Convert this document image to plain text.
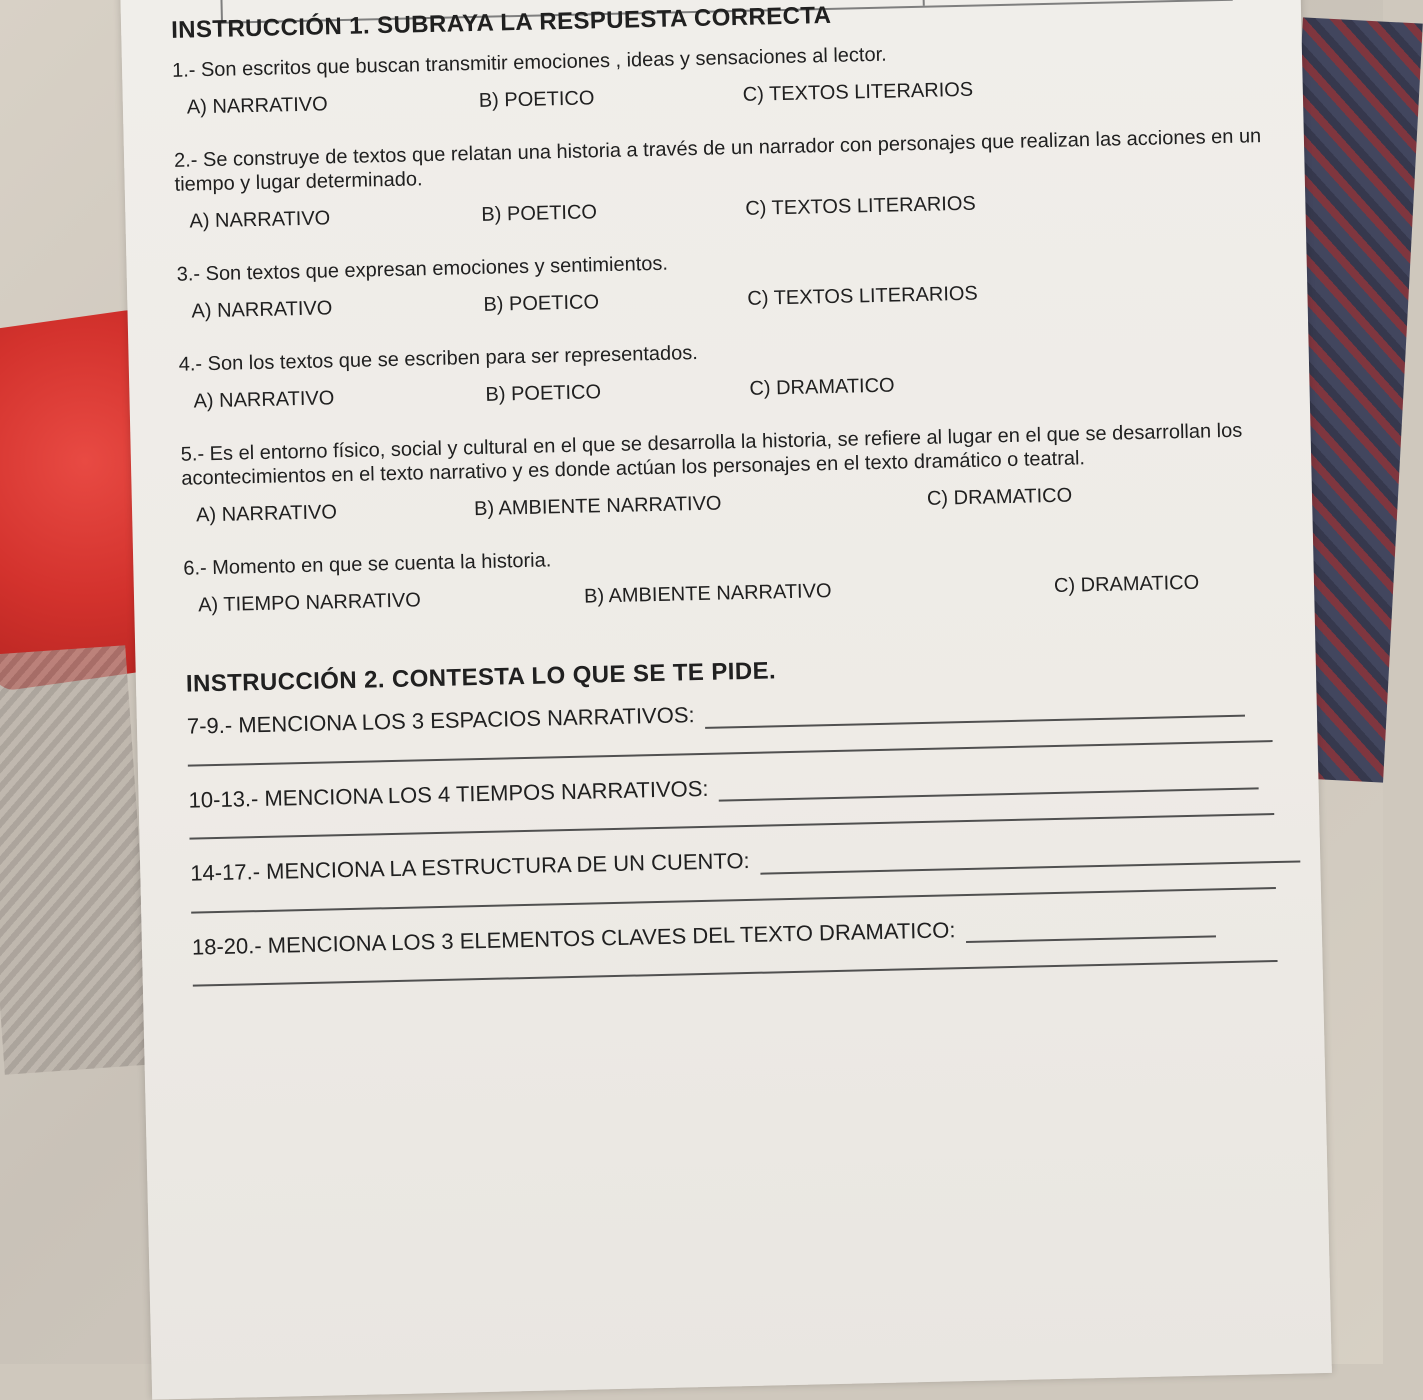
INSTRUCCIÓN 1. SUBRAYA LA RESPUESTA CORRECTA
1.- Son escritos que buscan transmitir emociones , ideas y sensaciones al lector.
A) NARRATIVO	B) POETICO	C) TEXTOS LITERARIOS
2.- Se construye de textos que relatan una historia a través de un narrador con personajes que realizan las acciones en un tiempo y lugar determinado.
A) NARRATIVO	B) POETICO	C) TEXTOS LITERARIOS
3.- Son textos que expresan emociones y sentimientos.
A) NARRATIVO	B) POETICO	C) TEXTOS LITERARIOS
4.- Son los textos que se escriben para ser representados.
A) NARRATIVO	B) POETICO	C) DRAMATICO
5.- Es el entorno físico, social y cultural en el que se desarrolla la historia, se refiere al lugar en el que se desarrollan los acontecimientos en el texto narrativo y es donde actúan los personajes en el texto dramático o teatral.
A) NARRATIVO	B) AMBIENTE NARRATIVO	C) DRAMATICO
6.- Momento en que se cuenta la historia.
A) TIEMPO NARRATIVO	B) AMBIENTE NARRATIVO	C) DRAMATICO
INSTRUCCIÓN 2. CONTESTA LO QUE SE TE PIDE.
7-9.- MENCIONA LOS 3 ESPACIOS NARRATIVOS:
10-13.- MENCIONA LOS 4 TIEMPOS NARRATIVOS:
14-17.- MENCIONA LA ESTRUCTURA DE UN CUENTO:
18-20.- MENCIONA LOS 3 ELEMENTOS CLAVES DEL TEXTO DRAMATICO:
